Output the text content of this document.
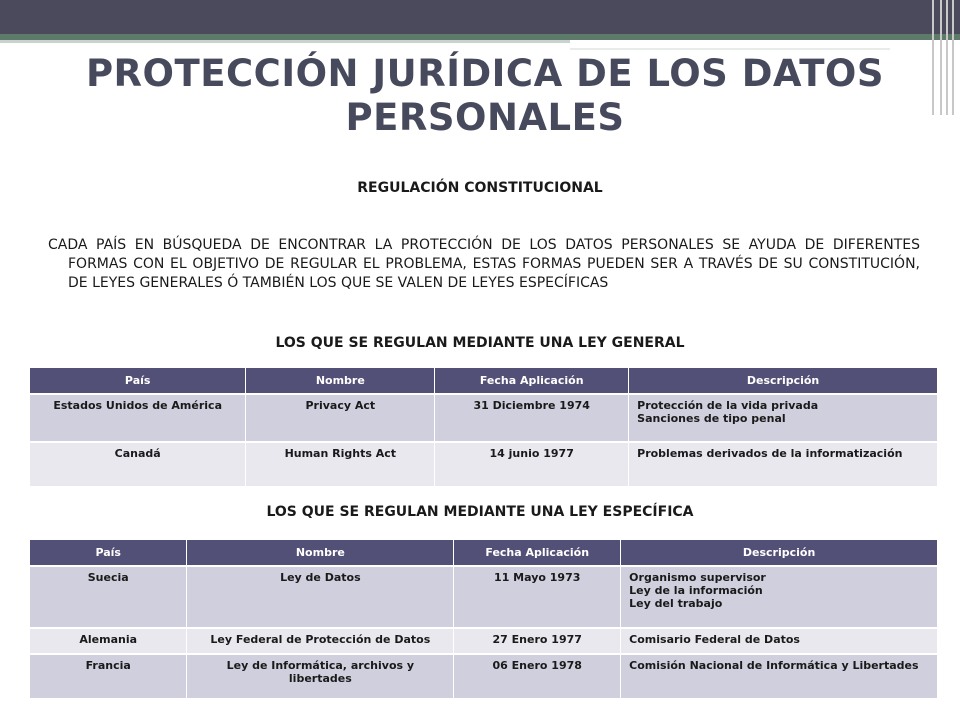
PROTECCIÓN JURÍDICA DE LOS DATOS PERSONALES
REGULACIÓN CONSTITUCIONAL
CADA PAÍS EN BÚSQUEDA DE ENCONTRAR LA PROTECCIÓN DE LOS DATOS PERSONALES SE AYUDA DE DIFERENTES FORMAS CON EL OBJETIVO DE REGULAR EL PROBLEMA, ESTAS FORMAS PUEDEN SER A TRAVÉS DE SU CONSTITUCIÓN, DE LEYES GENERALES Ó TAMBIÉN LOS QUE SE VALEN DE LEYES ESPECÍFICAS
LOS QUE SE REGULAN MEDIANTE UNA LEY GENERAL
País	Nombre	Fecha Aplicación	Descripción
Estados Unidos de América	Privacy Act	31 Diciembre 1974	Protección de la vida privada
Sanciones de tipo penal

Canadá	Human Rights Act	14 junio 1977	Problemas derivados de la informatización
LOS QUE SE REGULAN MEDIANTE UNA LEY ESPECÍFICA
País	Nombre	Fecha Aplicación	Descripción
Suecia	Ley de Datos	11 Mayo 1973	Organismo supervisor
Ley de la información
Ley del trabajo

Alemania	Ley Federal de Protección de Datos	27 Enero 1977	Comisario Federal de Datos
Francia	Ley de Informática, archivos y libertades	06 Enero 1978	Comisión Nacional de Informática y Libertades
